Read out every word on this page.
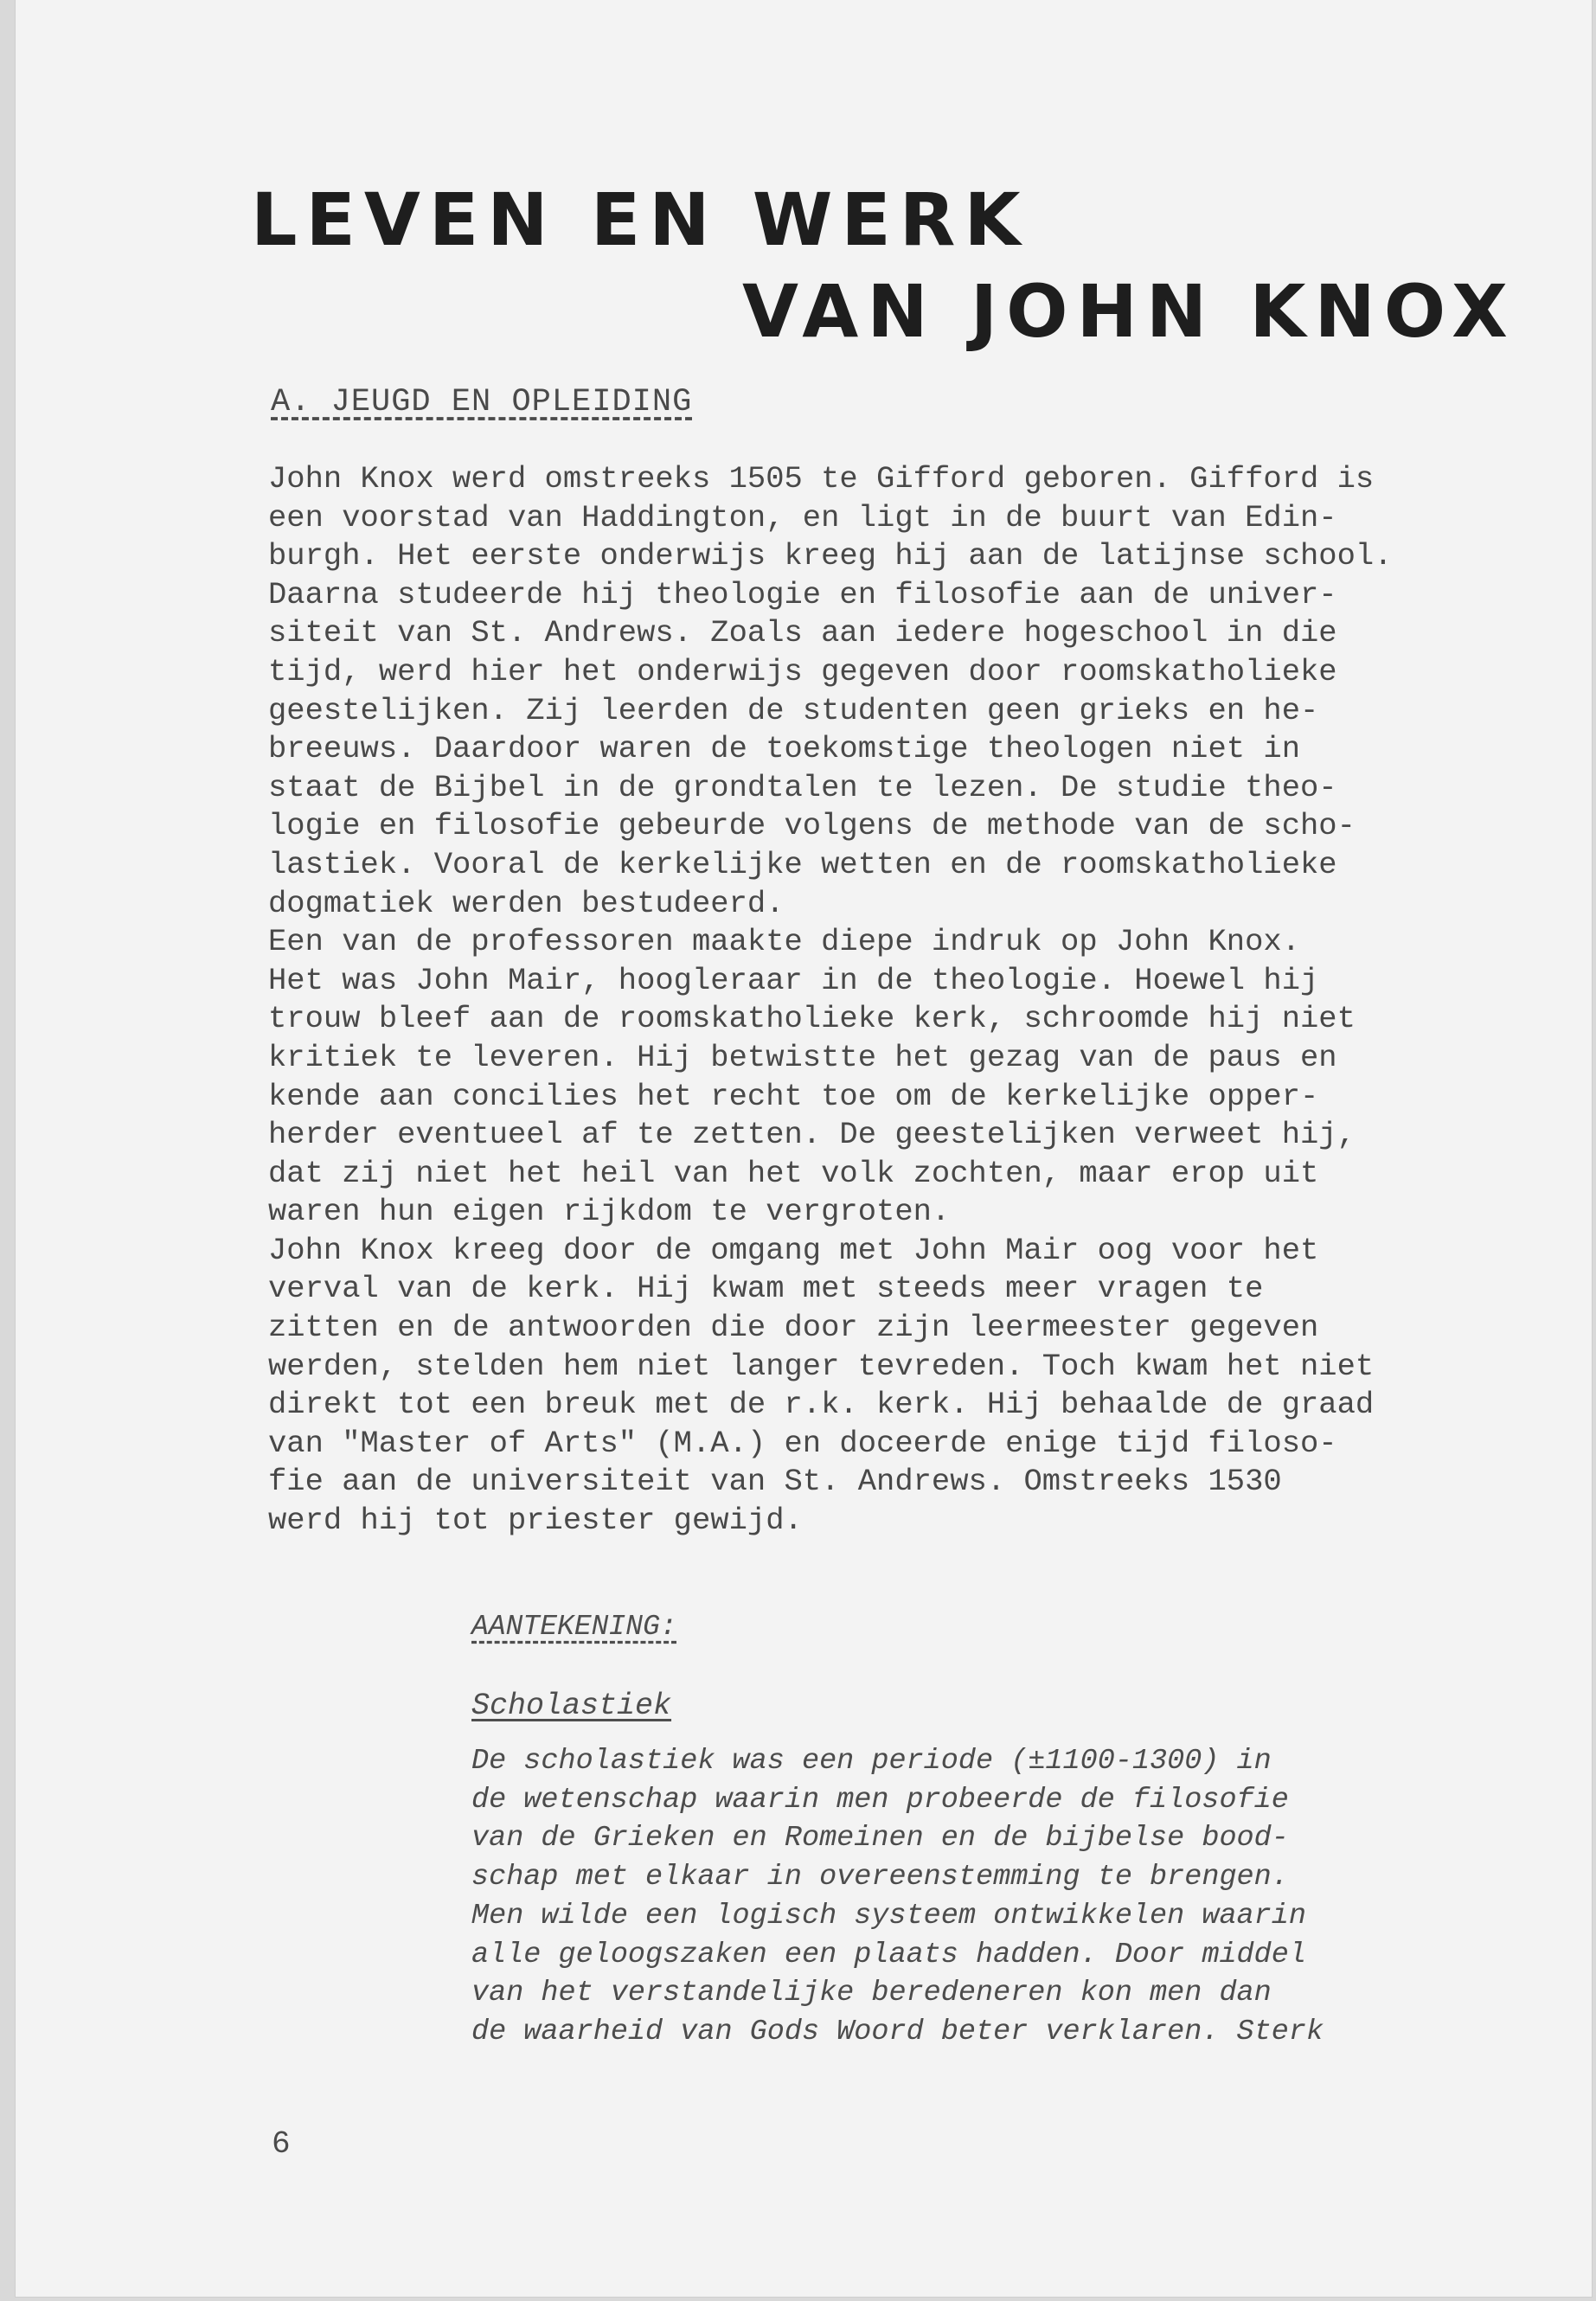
LEVEN EN WERK
VAN JOHN KNOX
A. JEUGD EN OPLEIDING
John Knox werd omstreeks 1505 te Gifford geboren. Gifford is
een voorstad van Haddington, en ligt in de buurt van Edin-
burgh. Het eerste onderwijs kreeg hij aan de latijnse school.
Daarna studeerde hij theologie en filosofie aan de univer-
siteit van St. Andrews. Zoals aan iedere hogeschool in die
tijd, werd hier het onderwijs gegeven door roomskatholieke
geestelijken. Zij leerden de studenten geen grieks en he-
breeuws. Daardoor waren de toekomstige theologen niet in
staat de Bijbel in de grondtalen te lezen. De studie theo-
logie en filosofie gebeurde volgens de methode van de scho-
lastiek. Vooral de kerkelijke wetten en de roomskatholieke
dogmatiek werden bestudeerd.
Een van de professoren maakte diepe indruk op John Knox.
Het was John Mair, hoogleraar in de theologie. Hoewel hij
trouw bleef aan de roomskatholieke kerk, schroomde hij niet
kritiek te leveren. Hij betwistte het gezag van de paus en
kende aan concilies het recht toe om de kerkelijke opper-
herder eventueel af te zetten. De geestelijken verweet hij,
dat zij niet het heil van het volk zochten, maar erop uit
waren hun eigen rijkdom te vergroten.
John Knox kreeg door de omgang met John Mair oog voor het
verval van de kerk. Hij kwam met steeds meer vragen te
zitten en de antwoorden die door zijn leermeester gegeven
werden, stelden hem niet langer tevreden. Toch kwam het niet
direkt tot een breuk met de r.k. kerk. Hij behaalde de graad
van "Master of Arts" (M.A.) en doceerde enige tijd filoso-
fie aan de universiteit van St. Andrews. Omstreeks 1530
werd hij tot priester gewijd.
AANTEKENING:
Scholastiek
De scholastiek was een periode (±1100-1300) in
de wetenschap waarin men probeerde de filosofie
van de Grieken en Romeinen en de bijbelse bood-
schap met elkaar in overeenstemming te brengen.
Men wilde een logisch systeem ontwikkelen waarin
alle geloogszaken een plaats hadden. Door middel
van het verstandelijke beredeneren kon men dan
de waarheid van Gods Woord beter verklaren. Sterk
6
